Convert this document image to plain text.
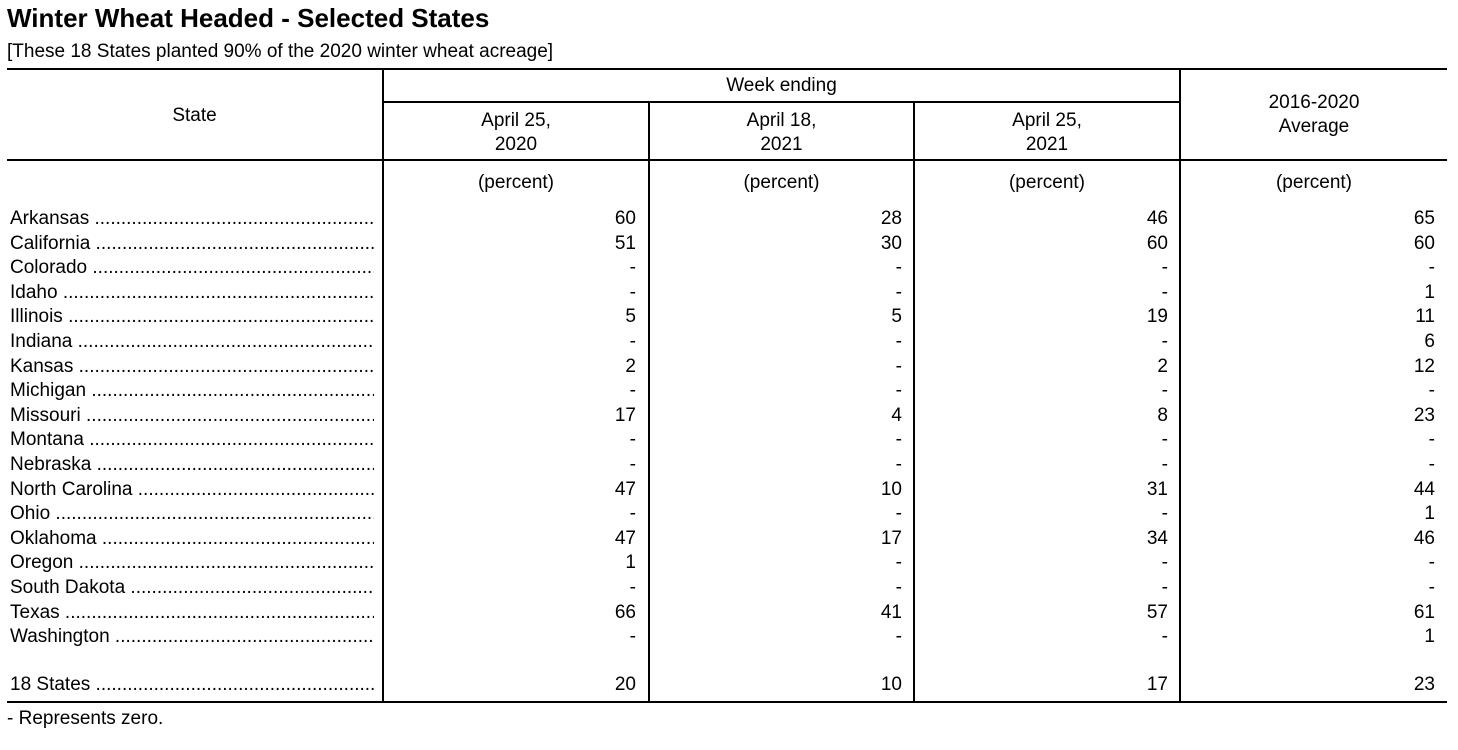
Winter Wheat Headed - Selected States
[These 18 States planted 90% of the 2020 winter wheat acreage]
State
Week ending
April 25,
2020
April 18,
2021
April 25,
2021
2016-2020
Average
(percent)	(percent)	(percent)	(percent)
Arkansas .....	60	28	46	65
California .....	51	30	60	60
Colorado .....	-	-	-	-
Idaho .....	-	-	-	1
Illinois .....	5	5	19	11
Indiana .....	-	-	-	6
Kansas .....	2	-	2	12
Michigan .....	-	-	-	-
Missouri .....	17	4	8	23
Montana .....	-	-	-	-
Nebraska .....	-	-	-	-
North Carolina .....	47	10	31	44
Ohio .....	-	-	-	1
Oklahoma .....	47	17	34	46
Oregon .....	1	-	-	-
South Dakota .....	-	-	-	-
Texas .....	66	41	57	61
Washington .....	-	-	-	1
18 States .....	20	10	17	23
- Represents zero.
